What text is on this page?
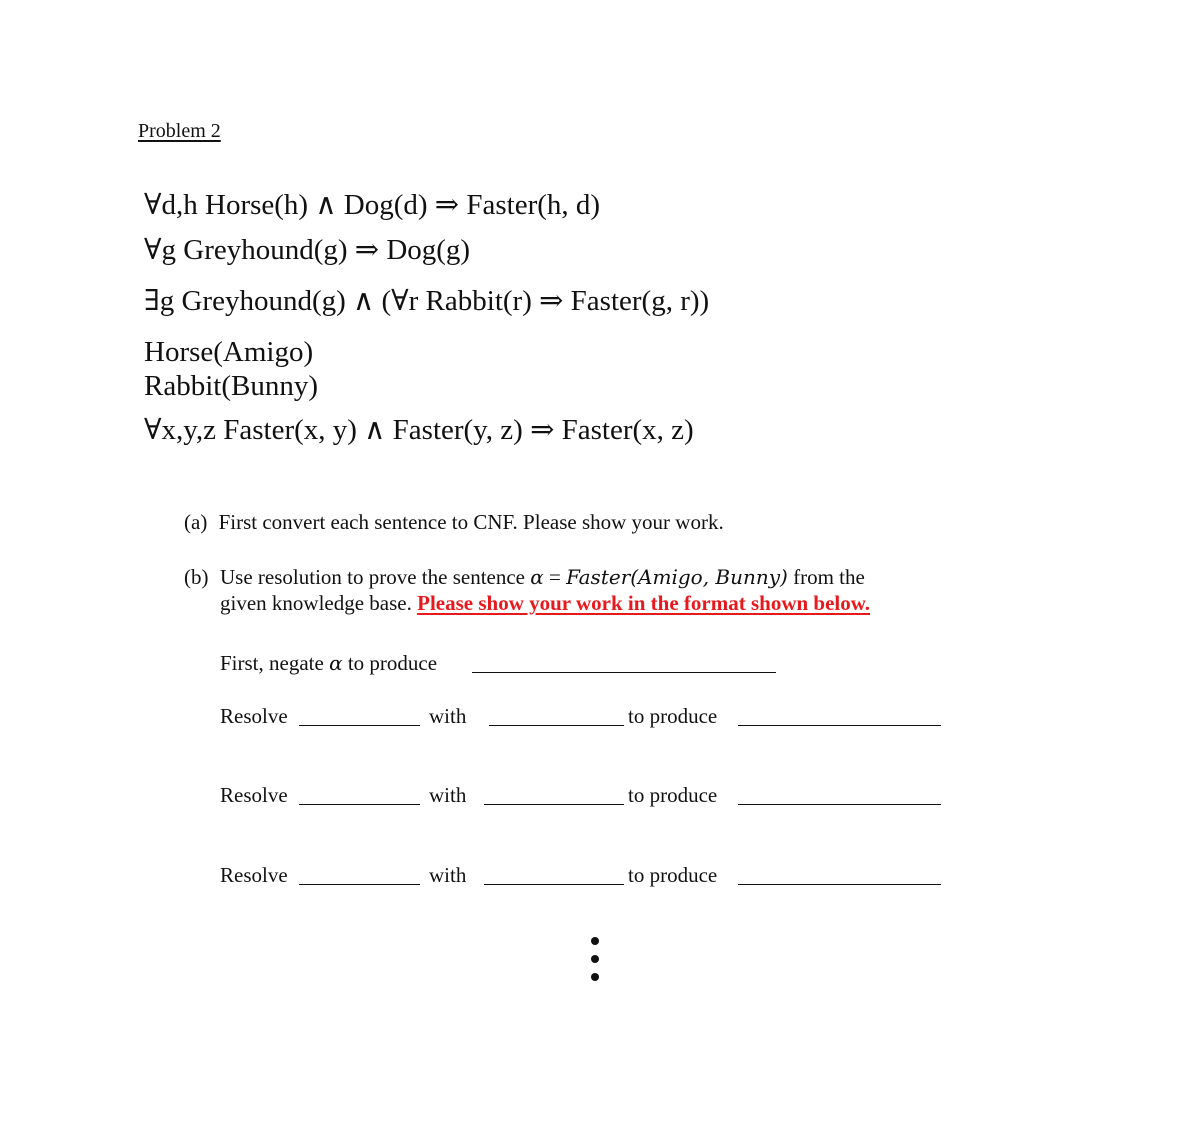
Problem 2
∀d,h Horse(h) ∧ Dog(d) ⇒ Faster(h, d)
∀g Greyhound(g) ⇒ Dog(g)
∃g Greyhound(g) ∧ (∀r Rabbit(r) ⇒ Faster(g, r))
Horse(Amigo)
Rabbit(Bunny)
∀x,y,z Faster(x, y) ∧ Faster(y, z) ⇒ Faster(x, z)
(a) First convert each sentence to CNF. Please show your work.
(b) Use resolution to prove the sentence α = Faster(Amigo, Bunny) from the
given knowledge base. Please show your work in the format shown below.
First, negate α to produce
Resolve	with	to produce
Resolve	with	to produce
Resolve	with	to produce
